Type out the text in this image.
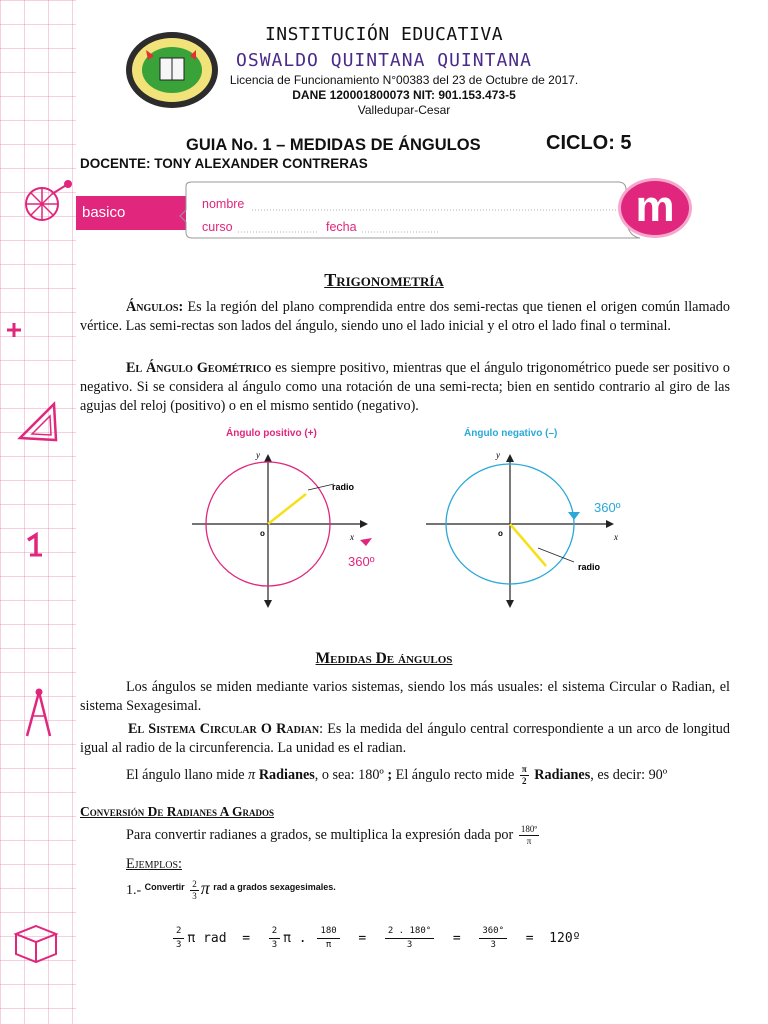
INSTITUCIÓN EDUCATIVA
OSWALDO QUINTANA QUINTANA
Licencia de Funcionamiento N°00383 del 23 de Octubre de 2017.
DANE 120001800073 NIT: 901.153.473-5
Valledupar-Cesar
GUIA No. 1 – MEDIDAS DE ÁNGULOS	CICLO: 5
DOCENTE: TONY ALEXANDER CONTRERAS
basico	nombre
curso	fecha	m
Trigonometría

Ángulos: Es la región del plano comprendida entre dos semi-rectas que tienen el origen común llamado vértice. Las semi-rectas son lados del ángulo, siendo uno el lado inicial y el otro el lado final o terminal.

El Ángulo Geométrico es siempre positivo, mientras que el ángulo trigonométrico puede ser positivo o negativo. Si se considera al ángulo como una rotación de una semi-recta; bien en sentido contrario al giro de las agujas del reloj (positivo) o en el mismo sentido (negativo).

Ángulo positivo (+)
o
y
x
radio
360º
Ángulo negativo (–)
o
y
x
radio
360º
Medidas De ángulos

Los ángulos se miden mediante varios sistemas, siendo los más usuales: el sistema Circular o Radian, el sistema Sexagesimal.

El Sistema Circular O Radian: Es la medida del ángulo central correspondiente a un arco de longitud igual al radio de la circunferencia. La unidad es el radian.

El ángulo llano mide π Radianes, o sea: 180º ; El ángulo recto mide $\frac{\pi}{2}$ Radianes, es decir: 90º

Conversión De Radianes A Grados

Para convertir radianes a grados, se multiplica la expresión dada por $\frac{\text{180º}}{\pi}$

Ejemplos:
1.- $^{Convertir} \frac{2}{3}$ π $^{rad a grados sexagesimales.}$
$\frac{2}{3}$ π rad = $\frac{2}{3}$ π . $\frac{180}{\pi} = \frac{2 . 180^\circ}{3} = \frac{360^\circ}{3}$ = 120º
